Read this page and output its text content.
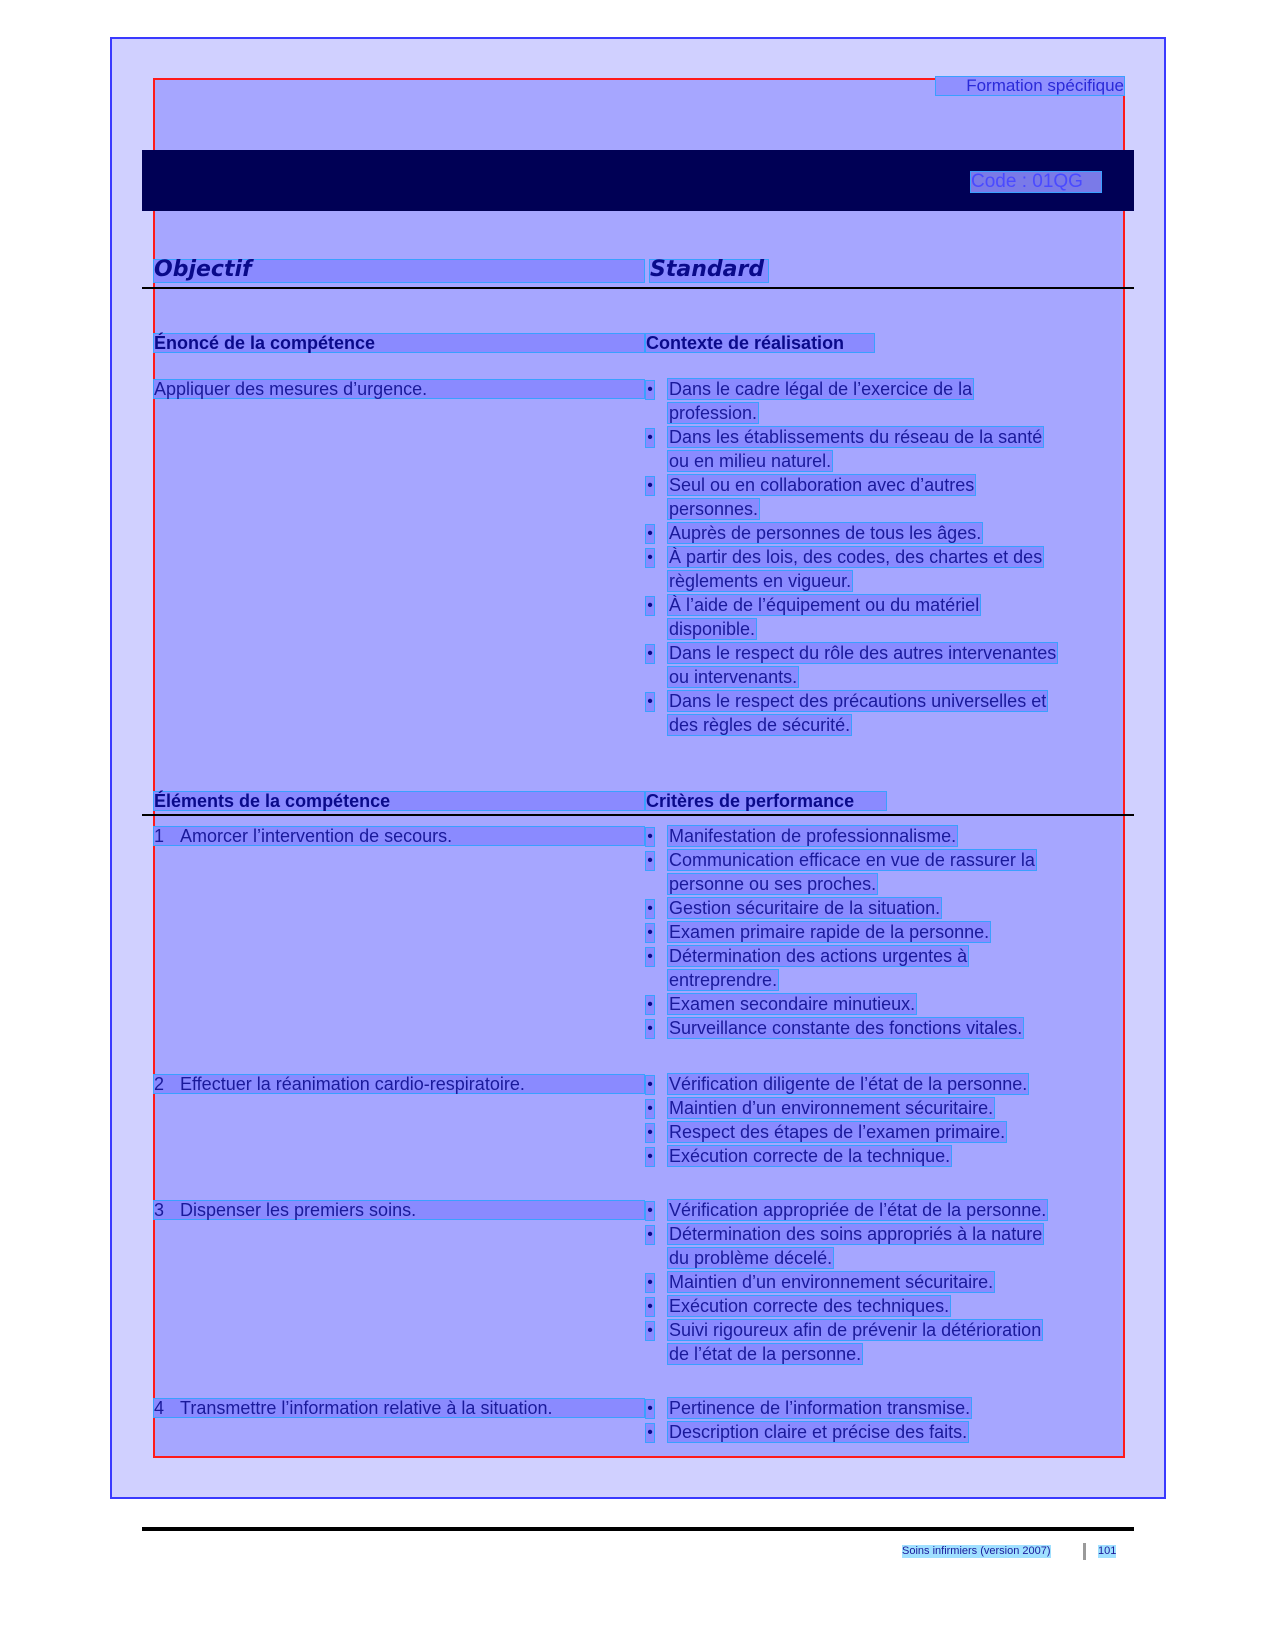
Formation spécifique
Code : 01QG
Objectif	Standard
Énoncé de la compétence	Contexte de réalisation
Appliquer des mesures d’urgence.	• Dans le cadre légal de l’exercice de la
profession.
• Dans les établissements du réseau de la santé
ou en milieu naturel.
• Seul ou en collaboration avec d’autres
personnes.
• Auprès de personnes de tous les âges.
• À partir des lois, des codes, des chartes et des
règlements en vigueur.
• À l’aide de l’équipement ou du matériel
disponible.
• Dans le respect du rôle des autres intervenantes
ou intervenants.
• Dans le respect des précautions universelles et
des règles de sécurité.
Éléments de la compétence	Critères de performance
1 Amorcer l’intervention de secours.	• Manifestation de professionnalisme.
• Communication efficace en vue de rassurer la
personne ou ses proches.
• Gestion sécuritaire de la situation.
• Examen primaire rapide de la personne.
• Détermination des actions urgentes à
entreprendre.
• Examen secondaire minutieux.
• Surveillance constante des fonctions vitales.
2 Effectuer la réanimation cardio-respiratoire.	• Vérification diligente de l’état de la personne.
• Maintien d’un environnement sécuritaire.
• Respect des étapes de l’examen primaire.
• Exécution correcte de la technique.
3 Dispenser les premiers soins.	• Vérification appropriée de l’état de la personne.
• Détermination des soins appropriés à la nature
du problème décelé.
• Maintien d’un environnement sécuritaire.
• Exécution correcte des techniques.
• Suivi rigoureux afin de prévenir la détérioration
de l’état de la personne.
4 Transmettre l’information relative à la situation.	• Pertinence de l’information transmise.
• Description claire et précise des faits.
Soins infirmiers (version 2007)	101
